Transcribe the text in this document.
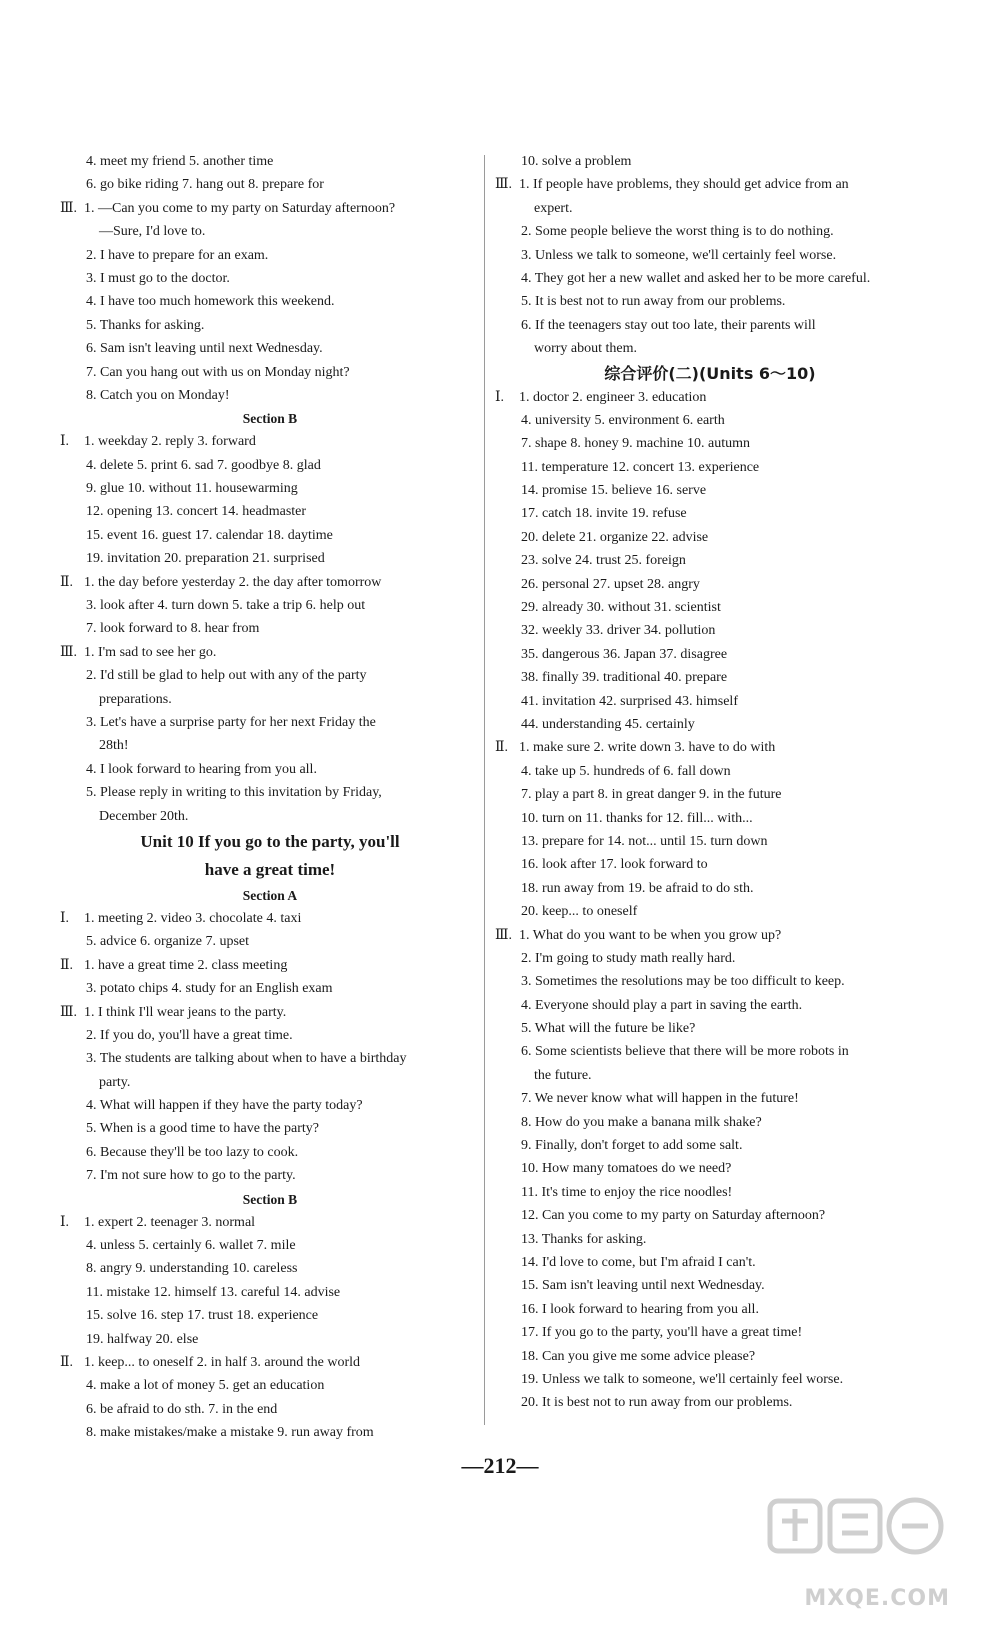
4. meet my friend 5. another time
6. go bike riding 7. hang out 8. prepare for
Ⅲ. 1. —Can you come to my party on Saturday afternoon?
—Sure, I'd love to.
2. I have to prepare for an exam.
3. I must go to the doctor.
4. I have too much homework this weekend.
5. Thanks for asking.
6. Sam isn't leaving until next Wednesday.
7. Can you hang out with us on Monday night?
8. Catch you on Monday!
Section B
Ⅰ. 1. weekday 2. reply 3. forward
4. delete 5. print 6. sad 7. goodbye 8. glad
9. glue 10. without 11. housewarming
12. opening 13. concert 14. headmaster
15. event 16. guest 17. calendar 18. daytime
19. invitation 20. preparation 21. surprised
Ⅱ. 1. the day before yesterday 2. the day after tomorrow
3. look after 4. turn down 5. take a trip 6. help out
7. look forward to 8. hear from
Ⅲ. 1. I'm sad to see her go.
2. I'd still be glad to help out with any of the party
preparations.
3. Let's have a surprise party for her next Friday the
28th!
4. I look forward to hearing from you all.
5. Please reply in writing to this invitation by Friday,
December 20th.
Unit 10 If you go to the party, you'll
have a great time!
Section A
Ⅰ. 1. meeting 2. video 3. chocolate 4. taxi
5. advice 6. organize 7. upset
Ⅱ. 1. have a great time 2. class meeting
3. potato chips 4. study for an English exam
Ⅲ. 1. I think I'll wear jeans to the party.
2. If you do, you'll have a great time.
3. The students are talking about when to have a birthday
party.
4. What will happen if they have the party today?
5. When is a good time to have the party?
6. Because they'll be too lazy to cook.
7. I'm not sure how to go to the party.
Section B
Ⅰ. 1. expert 2. teenager 3. normal
4. unless 5. certainly 6. wallet 7. mile
8. angry 9. understanding 10. careless
11. mistake 12. himself 13. careful 14. advise
15. solve 16. step 17. trust 18. experience
19. halfway 20. else
Ⅱ. 1. keep... to oneself 2. in half 3. around the world
4. make a lot of money 5. get an education
6. be afraid to do sth. 7. in the end
8. make mistakes/make a mistake 9. run away from
10. solve a problem
Ⅲ. 1. If people have problems, they should get advice from an
expert.
2. Some people believe the worst thing is to do nothing.
3. Unless we talk to someone, we'll certainly feel worse.
4. They got her a new wallet and asked her to be more careful.
5. It is best not to run away from our problems.
6. If the teenagers stay out too late, their parents will
worry about them.
综合评价(二)(Units 6～10)
Ⅰ. 1. doctor 2. engineer 3. education
4. university 5. environment 6. earth
7. shape 8. honey 9. machine 10. autumn
11. temperature 12. concert 13. experience
14. promise 15. believe 16. serve
17. catch 18. invite 19. refuse
20. delete 21. organize 22. advise
23. solve 24. trust 25. foreign
26. personal 27. upset 28. angry
29. already 30. without 31. scientist
32. weekly 33. driver 34. pollution
35. dangerous 36. Japan 37. disagree
38. finally 39. traditional 40. prepare
41. invitation 42. surprised 43. himself
44. understanding 45. certainly
Ⅱ. 1. make sure 2. write down 3. have to do with
4. take up 5. hundreds of 6. fall down
7. play a part 8. in great danger 9. in the future
10. turn on 11. thanks for 12. fill... with...
13. prepare for 14. not... until 15. turn down
16. look after 17. look forward to
18. run away from 19. be afraid to do sth.
20. keep... to oneself
Ⅲ. 1. What do you want to be when you grow up?
2. I'm going to study math really hard.
3. Sometimes the resolutions may be too difficult to keep.
4. Everyone should play a part in saving the earth.
5. What will the future be like?
6. Some scientists believe that there will be more robots in
the future.
7. We never know what will happen in the future!
8. How do you make a banana milk shake?
9. Finally, don't forget to add some salt.
10. How many tomatoes do we need?
11. It's time to enjoy the rice noodles!
12. Can you come to my party on Saturday afternoon?
13. Thanks for asking.
14. I'd love to come, but I'm afraid I can't.
15. Sam isn't leaving until next Wednesday.
16. I look forward to hearing from you all.
17. If you go to the party, you'll have a great time!
18. Can you give me some advice please?
19. Unless we talk to someone, we'll certainly feel worse.
20. It is best not to run away from our problems.
—212—
MXQE.COM
